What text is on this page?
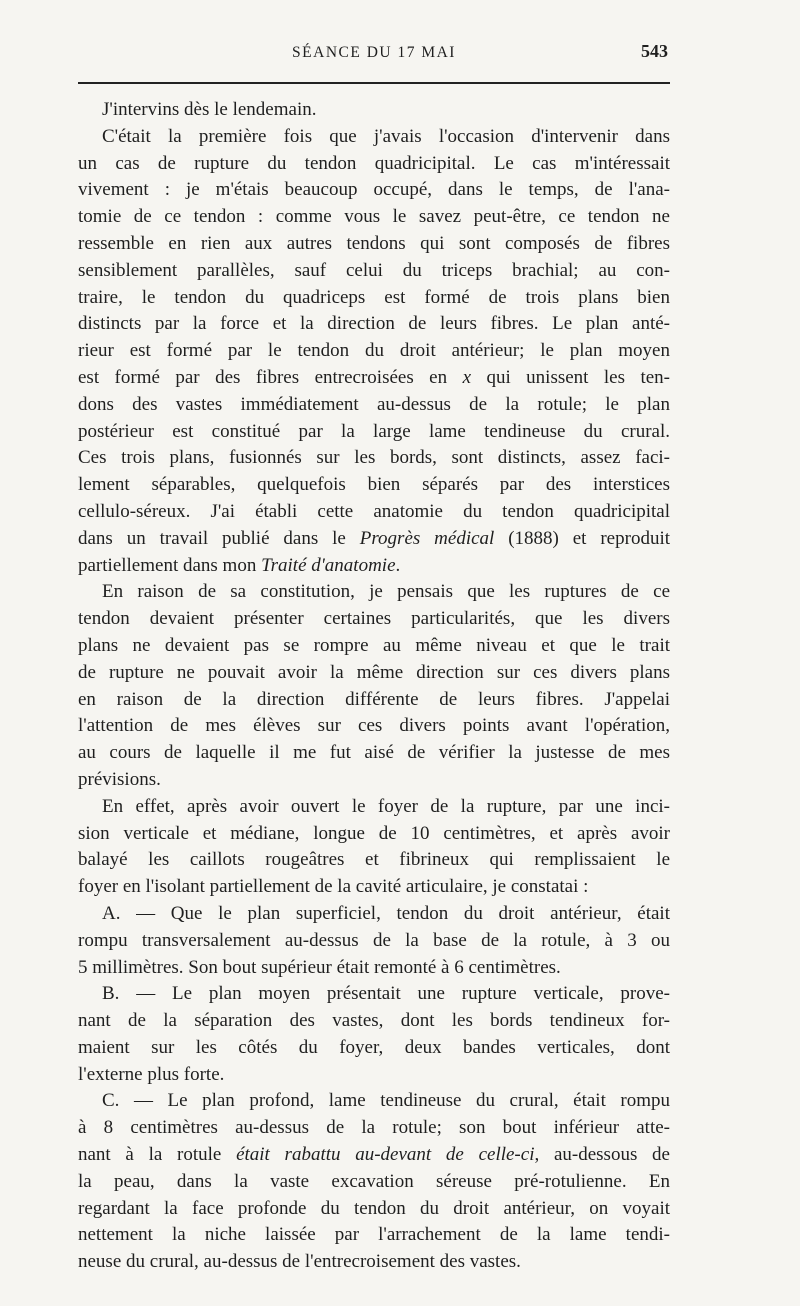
SÉANCE DU 17 MAI	543
J'intervins dès le lendemain.
C'était la première fois que j'avais l'occasion d'intervenir dans
un cas de rupture du tendon quadricipital. Le cas m'intéressait
vivement : je m'étais beaucoup occupé, dans le temps, de l'ana-
tomie de ce tendon : comme vous le savez peut-être, ce tendon ne
ressemble en rien aux autres tendons qui sont composés de fibres
sensiblement parallèles, sauf celui du triceps brachial; au con-
traire, le tendon du quadriceps est formé de trois plans bien
distincts par la force et la direction de leurs fibres. Le plan anté-
rieur est formé par le tendon du droit antérieur; le plan moyen
est formé par des fibres entrecroisées en x qui unissent les ten-
dons des vastes immédiatement au-dessus de la rotule; le plan
postérieur est constitué par la large lame tendineuse du crural.
Ces trois plans, fusionnés sur les bords, sont distincts, assez faci-
lement séparables, quelquefois bien séparés par des interstices
cellulo-séreux. J'ai établi cette anatomie du tendon quadricipital
dans un travail publié dans le Progrès médical (1888) et reproduit
partiellement dans mon Traité d'anatomie.
En raison de sa constitution, je pensais que les ruptures de ce
tendon devaient présenter certaines particularités, que les divers
plans ne devaient pas se rompre au même niveau et que le trait
de rupture ne pouvait avoir la même direction sur ces divers plans
en raison de la direction différente de leurs fibres. J'appelai
l'attention de mes élèves sur ces divers points avant l'opération,
au cours de laquelle il me fut aisé de vérifier la justesse de mes
prévisions.
En effet, après avoir ouvert le foyer de la rupture, par une inci-
sion verticale et médiane, longue de 10 centimètres, et après avoir
balayé les caillots rougeâtres et fibrineux qui remplissaient le
foyer en l'isolant partiellement de la cavité articulaire, je constatai :
A. — Que le plan superficiel, tendon du droit antérieur, était
rompu transversalement au-dessus de la base de la rotule, à 3 ou
5 millimètres. Son bout supérieur était remonté à 6 centimètres.
B. — Le plan moyen présentait une rupture verticale, prove-
nant de la séparation des vastes, dont les bords tendineux for-
maient sur les côtés du foyer, deux bandes verticales, dont
l'externe plus forte.
C. — Le plan profond, lame tendineuse du crural, était rompu
à 8 centimètres au-dessus de la rotule; son bout inférieur atte-
nant à la rotule était rabattu au-devant de celle-ci, au-dessous de
la peau, dans la vaste excavation séreuse pré-rotulienne. En
regardant la face profonde du tendon du droit antérieur, on voyait
nettement la niche laissée par l'arrachement de la lame tendi-
neuse du crural, au-dessus de l'entrecroisement des vastes.
